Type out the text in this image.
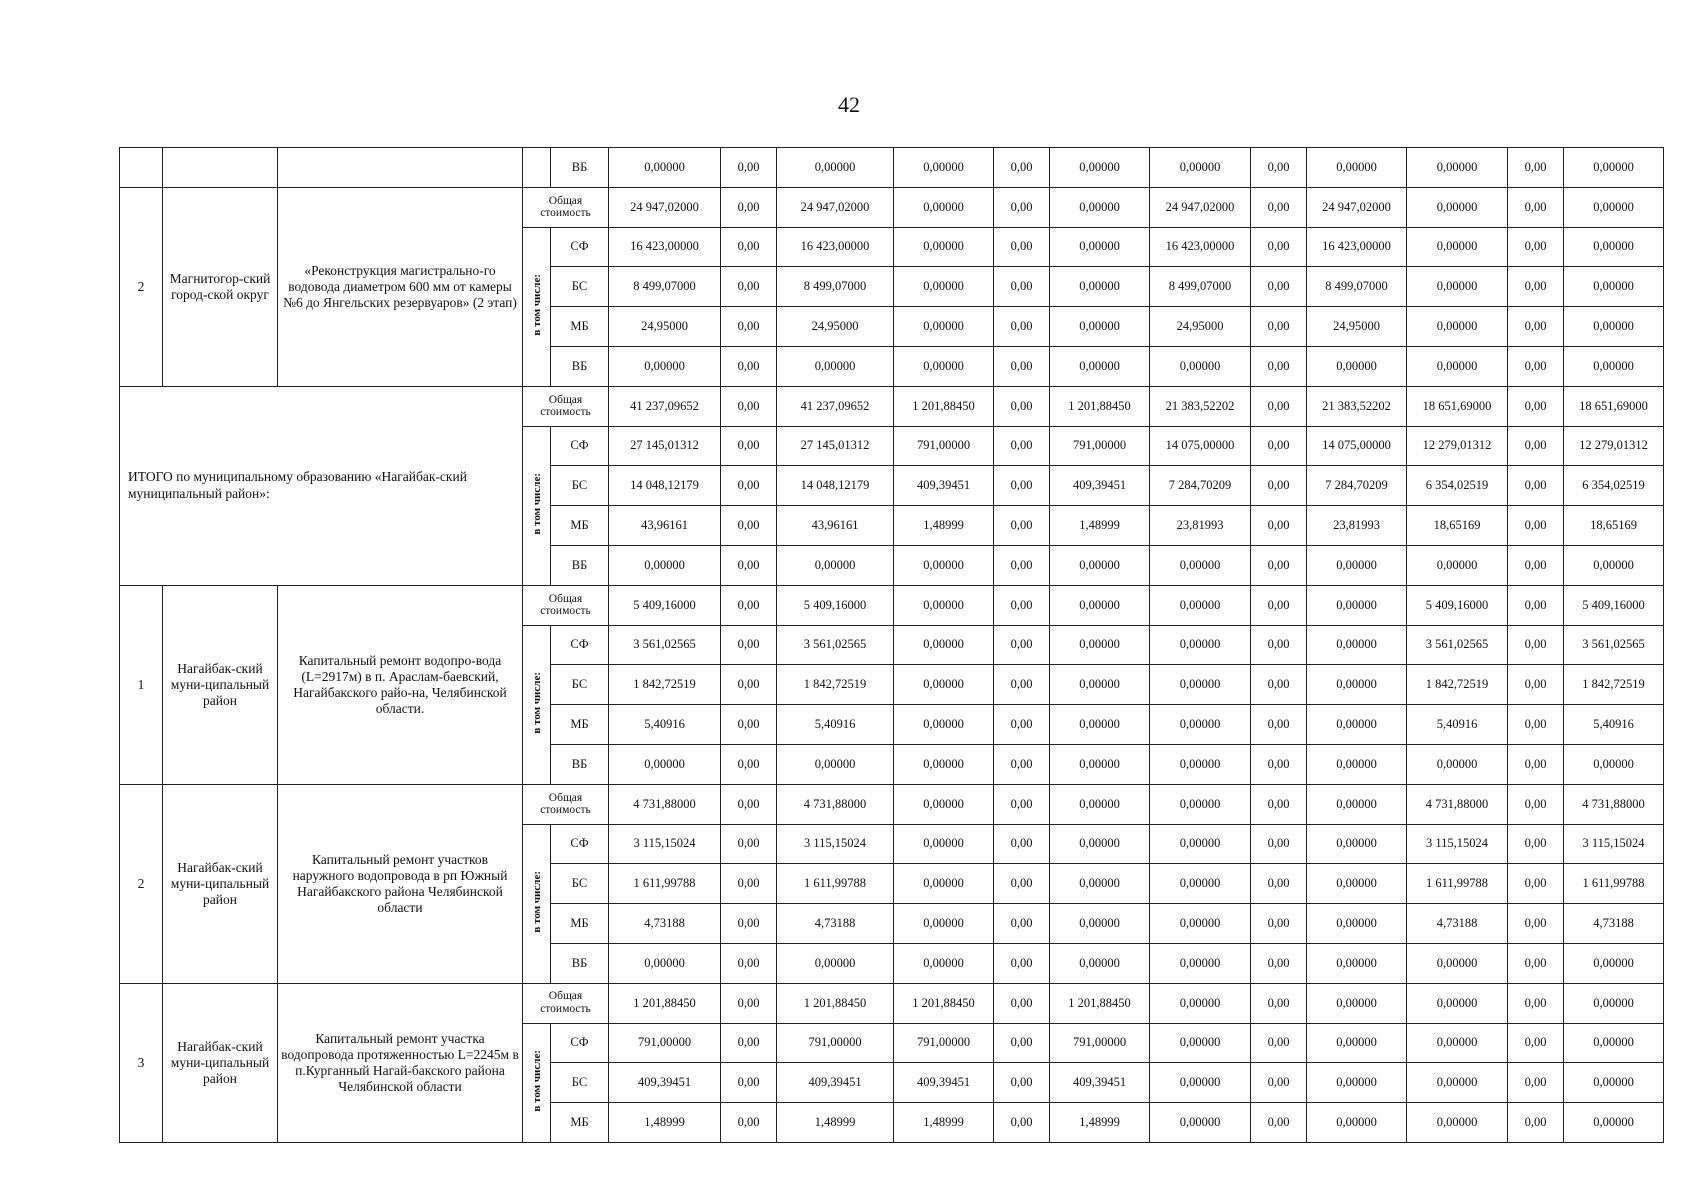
42
				ВБ	0,00000	0,00	0,00000	0,00000	0,00	0,00000	0,00000	0,00	0,00000	0,00000	0,00	0,00000
2	Магнитогор-ский город-ской округ	«Реконструкция магистрально-го водовода диаметром 600 мм от камеры №6 до Янгельских резервуаров» (2 этап)	Общая стоимость		24 947,02000	0,00	24 947,02000	0,00000	0,00	0,00000	24 947,02000	0,00	24 947,02000	0,00000	0,00	0,00000
			в том числе:	СФ	16 423,00000	0,00	16 423,00000	0,00000	0,00	0,00000	16 423,00000	0,00	16 423,00000	0,00000	0,00	0,00000
				БС	8 499,07000	0,00	8 499,07000	0,00000	0,00	0,00000	8 499,07000	0,00	8 499,07000	0,00000	0,00	0,00000
				МБ	24,95000	0,00	24,95000	0,00000	0,00	0,00000	24,95000	0,00	24,95000	0,00000	0,00	0,00000
				ВБ	0,00000	0,00	0,00000	0,00000	0,00	0,00000	0,00000	0,00	0,00000	0,00000	0,00	0,00000
ИТОГО по муниципальному образованию «Нагайбак-ский муниципальный район»:			Общая стоимость		41 237,09652	0,00	41 237,09652	1 201,88450	0,00	1 201,88450	21 383,52202	0,00	21 383,52202	18 651,69000	0,00	18 651,69000
			в том числе:	СФ	27 145,01312	0,00	27 145,01312	791,00000	0,00	791,00000	14 075,00000	0,00	14 075,00000	12 279,01312	0,00	12 279,01312
				БС	14 048,12179	0,00	14 048,12179	409,39451	0,00	409,39451	7 284,70209	0,00	7 284,70209	6 354,02519	0,00	6 354,02519
				МБ	43,96161	0,00	43,96161	1,48999	0,00	1,48999	23,81993	0,00	23,81993	18,65169	0,00	18,65169
				ВБ	0,00000	0,00	0,00000	0,00000	0,00	0,00000	0,00000	0,00	0,00000	0,00000	0,00	0,00000
1	Нагайбак-ский муни-ципальный район	Капитальный ремонт водопро-вода (L=2917м) в п. Араслам-баевский, Нагайбакского райо-на, Челябинской области.	Общая стоимость		5 409,16000	0,00	5 409,16000	0,00000	0,00	0,00000	0,00000	0,00	0,00000	5 409,16000	0,00	5 409,16000
			в том числе:	СФ	3 561,02565	0,00	3 561,02565	0,00000	0,00	0,00000	0,00000	0,00	0,00000	3 561,02565	0,00	3 561,02565
				БС	1 842,72519	0,00	1 842,72519	0,00000	0,00	0,00000	0,00000	0,00	0,00000	1 842,72519	0,00	1 842,72519
				МБ	5,40916	0,00	5,40916	0,00000	0,00	0,00000	0,00000	0,00	0,00000	5,40916	0,00	5,40916
				ВБ	0,00000	0,00	0,00000	0,00000	0,00	0,00000	0,00000	0,00	0,00000	0,00000	0,00	0,00000
2	Нагайбак-ский муни-ципальный район	Капитальный ремонт участков наружного водопровода в рп Южный Нагайбакского района Челябинской области	Общая стоимость		4 731,88000	0,00	4 731,88000	0,00000	0,00	0,00000	0,00000	0,00	0,00000	4 731,88000	0,00	4 731,88000
			в том числе:	СФ	3 115,15024	0,00	3 115,15024	0,00000	0,00	0,00000	0,00000	0,00	0,00000	3 115,15024	0,00	3 115,15024
				БС	1 611,99788	0,00	1 611,99788	0,00000	0,00	0,00000	0,00000	0,00	0,00000	1 611,99788	0,00	1 611,99788
				МБ	4,73188	0,00	4,73188	0,00000	0,00	0,00000	0,00000	0,00	0,00000	4,73188	0,00	4,73188
				ВБ	0,00000	0,00	0,00000	0,00000	0,00	0,00000	0,00000	0,00	0,00000	0,00000	0,00	0,00000
3	Нагайбак-ский муни-ципальный район	Капитальный ремонт участка водопровода протяженностью L=2245м в п.Курганный Нагай-бакского района Челябинской области	Общая стоимость		1 201,88450	0,00	1 201,88450	1 201,88450	0,00	1 201,88450	0,00000	0,00	0,00000	0,00000	0,00	0,00000
			в том числе:	СФ	791,00000	0,00	791,00000	791,00000	0,00	791,00000	0,00000	0,00	0,00000	0,00000	0,00	0,00000
				БС	409,39451	0,00	409,39451	409,39451	0,00	409,39451	0,00000	0,00	0,00000	0,00000	0,00	0,00000
				МБ	1,48999	0,00	1,48999	1,48999	0,00	1,48999	0,00000	0,00	0,00000	0,00000	0,00	0,00000
